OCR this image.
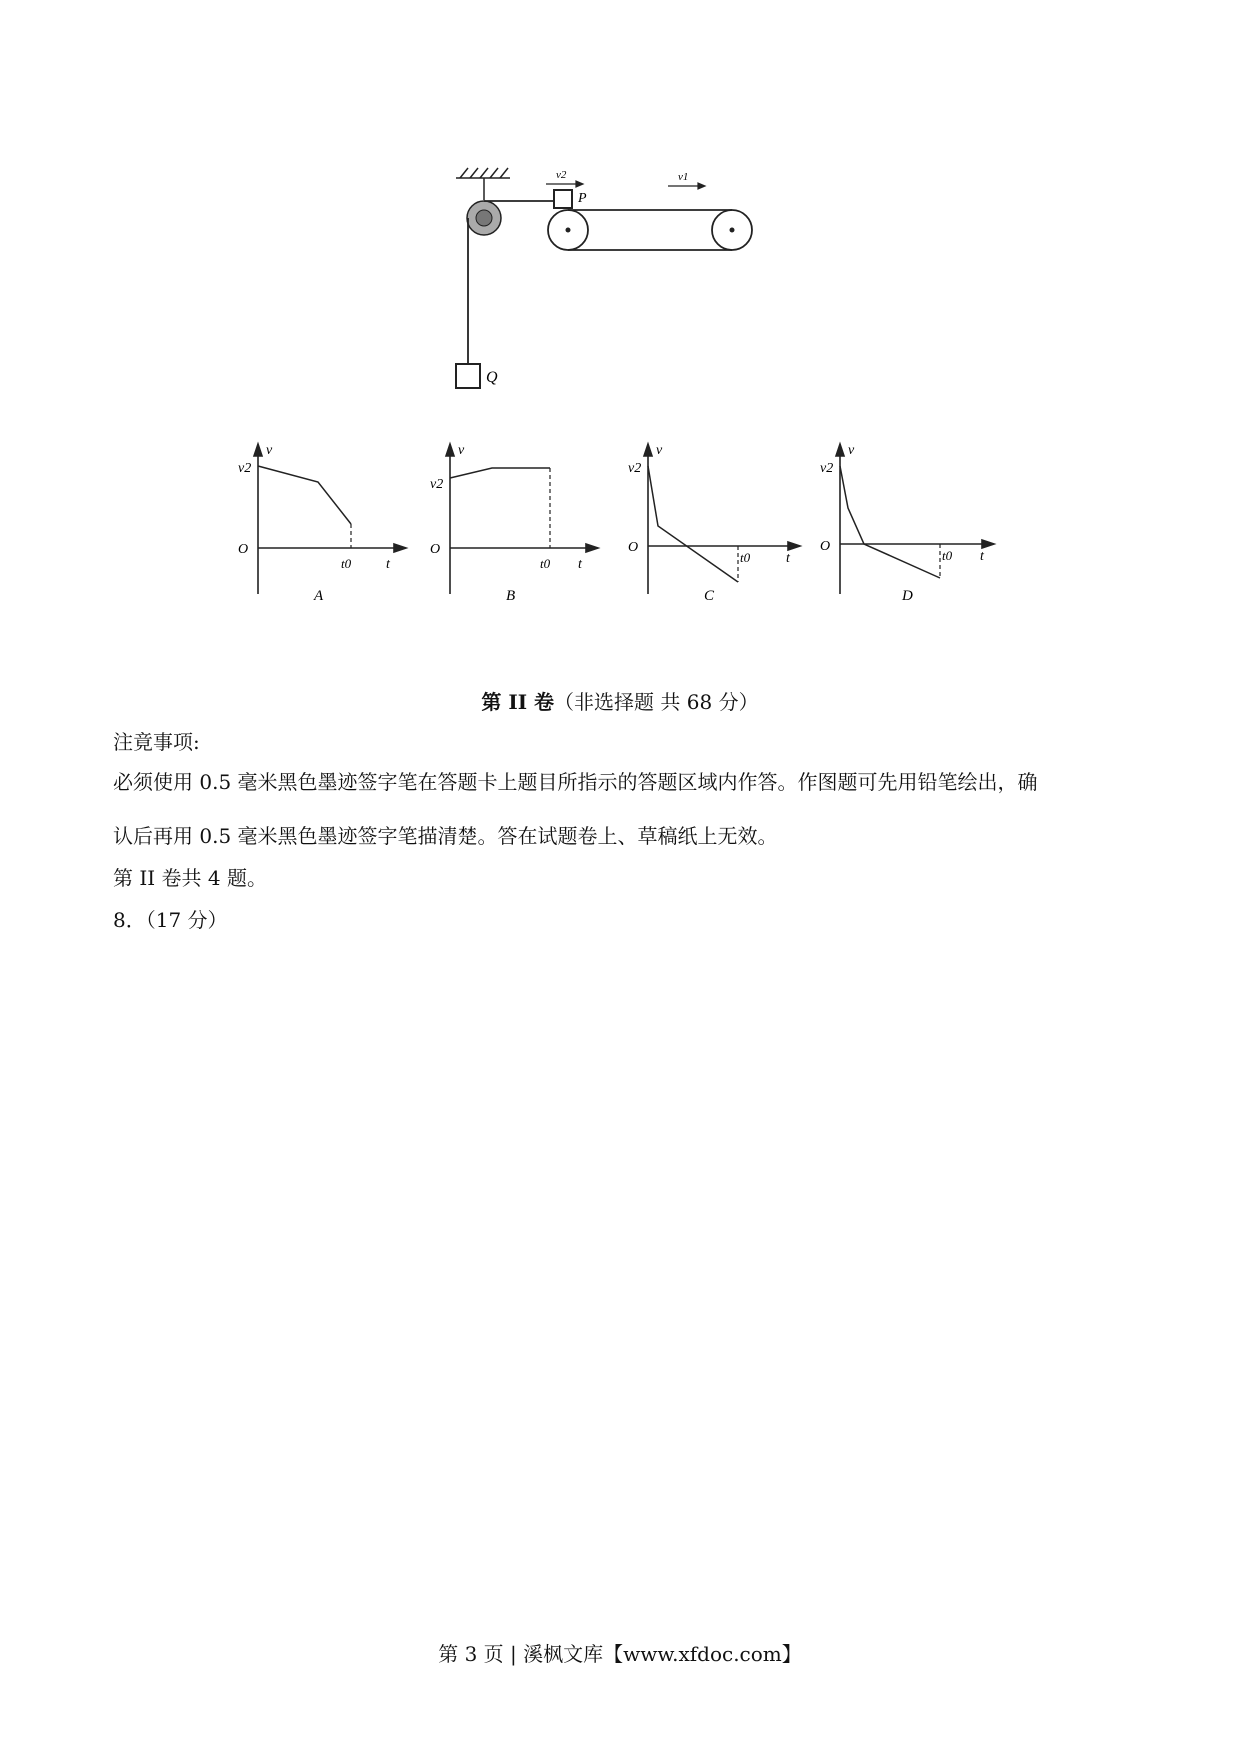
Q
P
v2	v1
v
v2
O
t0 t
A
v
v2
O
t0 t
B
v
v2
O
t0	t
C
v
v2
O
t0 t
D
第 II 卷（非选择题 共 68 分）
注竟事项:
必须使用 0.5 毫米黑色墨迹签字笔在答题卡上题目所指示的答题区域内作答。作图题可先用铅笔绘出，确
认后再用 0.5 毫米黑色墨迹签字笔描清楚。答在试题卷上、草稿纸上无效。
第 II 卷共 4 题。
8．（17 分）
第 3 页 | 溪枫文库【www.xfdoc.com】
